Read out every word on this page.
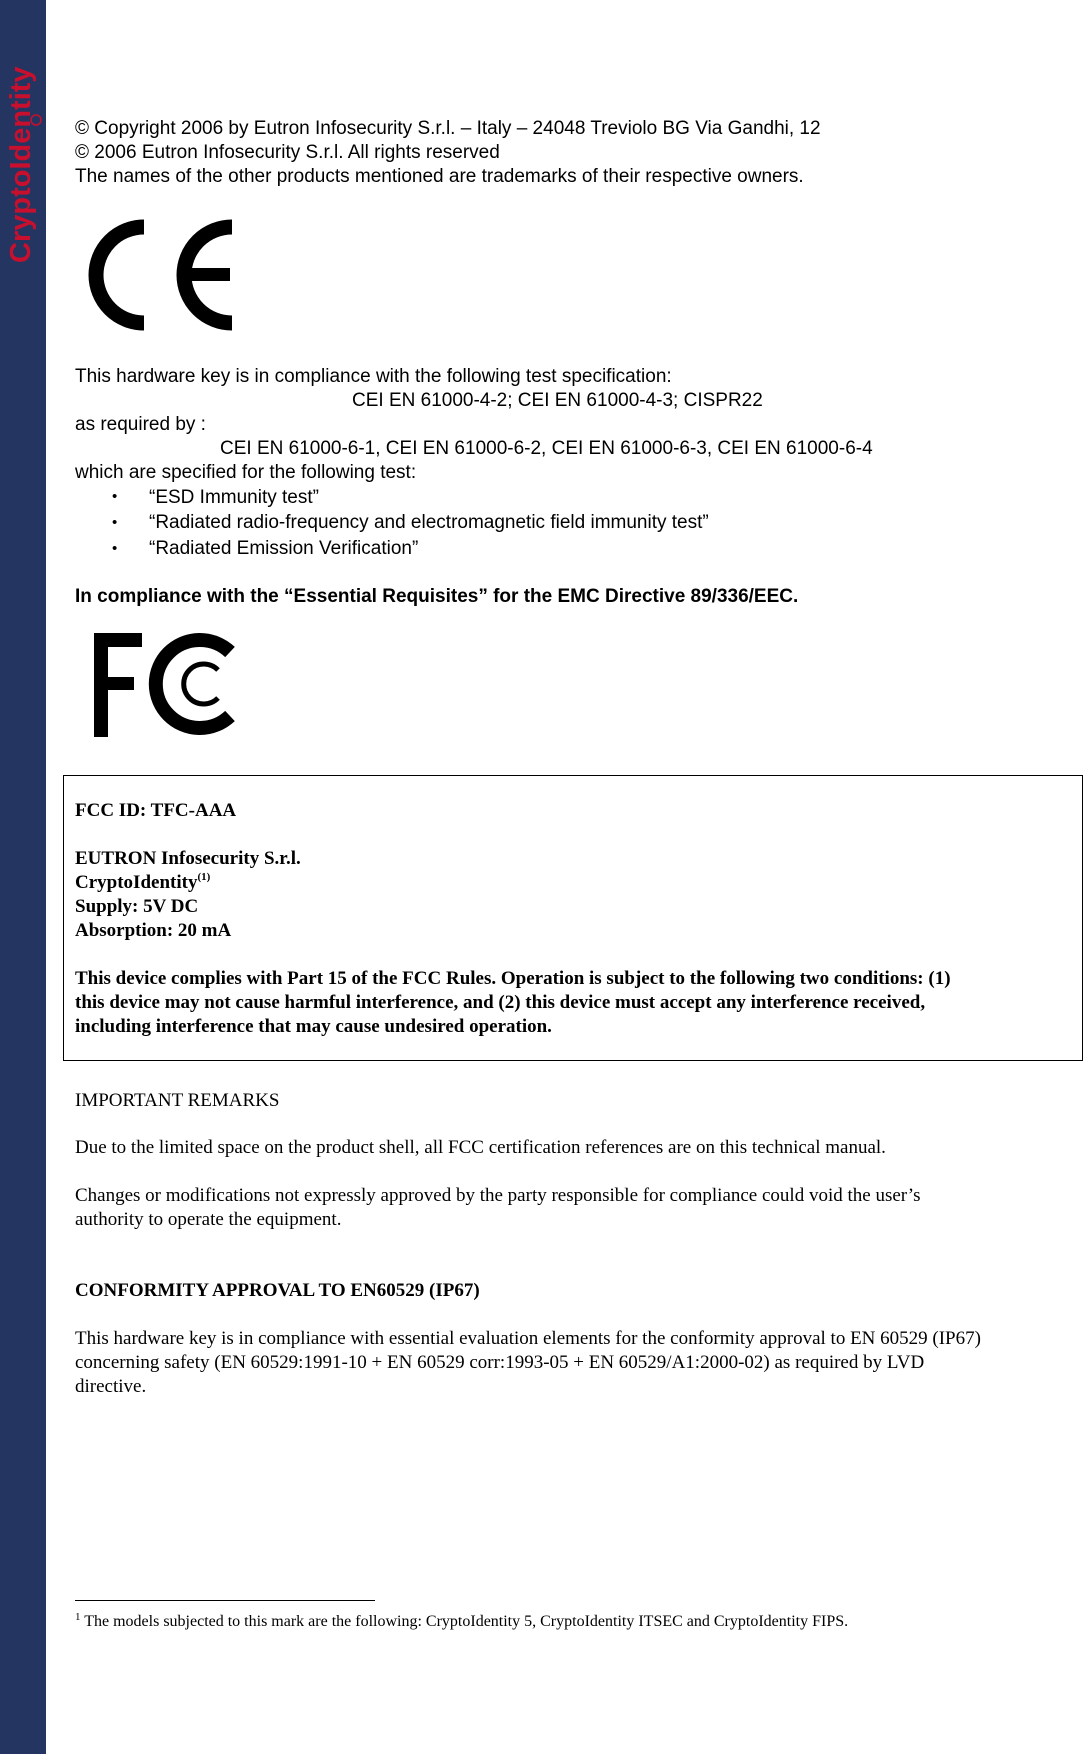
CryptoIdentity © Copyright 2006 by Eutron Infosecurity S.r.l. – Italy – 24048 Treviolo BG Via Gandhi, 12
© 2006 Eutron Infosecurity S.r.l. All rights reserved
The names of the other products mentioned are trademarks of their respective owners.
CE
This hardware key is in compliance with the following test specification:
CEI EN 61000-4-2; CEI EN 61000-4-3; CISPR22
as required by :
CEI EN 61000-6-1, CEI EN 61000-6-2, CEI EN 61000-6-3, CEI EN 61000-6-4
which are specified for the following test:
• “ESD Immunity test”
• “Radiated radio-frequency and electromagnetic field immunity test”
• “Radiated Emission Verification”
In compliance with the “Essential Requisites” for the EMC Directive 89/336/EEC.
FCC
FCC ID: TFC-AAA
EUTRON Infosecurity S.r.l.
CryptoIdentity$^{(1)}$
Supply: 5V DC
Absorption: 20 mA
This device complies with Part 15 of the FCC Rules. Operation is subject to the following two conditions: (1)
this device may not cause harmful interference, and (2) this device must accept any interference received,
including interference that may cause undesired operation.
IMPORTANT REMARKS
Due to the limited space on the product shell, all FCC certification references are on this technical manual.
Changes or modifications not expressly approved by the party responsible for compliance could void the user’s
authority to operate the equipment.
CONFORMITY APPROVAL TO EN60529 (IP67)
This hardware key is in compliance with essential evaluation elements for the conformity approval to EN 60529 (IP67)
concerning safety (EN 60529:1991-10 + EN 60529 corr:1993-05 + EN 60529/A1:2000-02) as required by LVD
directive.
$^1$ The models subjected to this mark are the following: CryptoIdentity 5, CryptoIdentity ITSEC and CryptoIdentity FIPS.
